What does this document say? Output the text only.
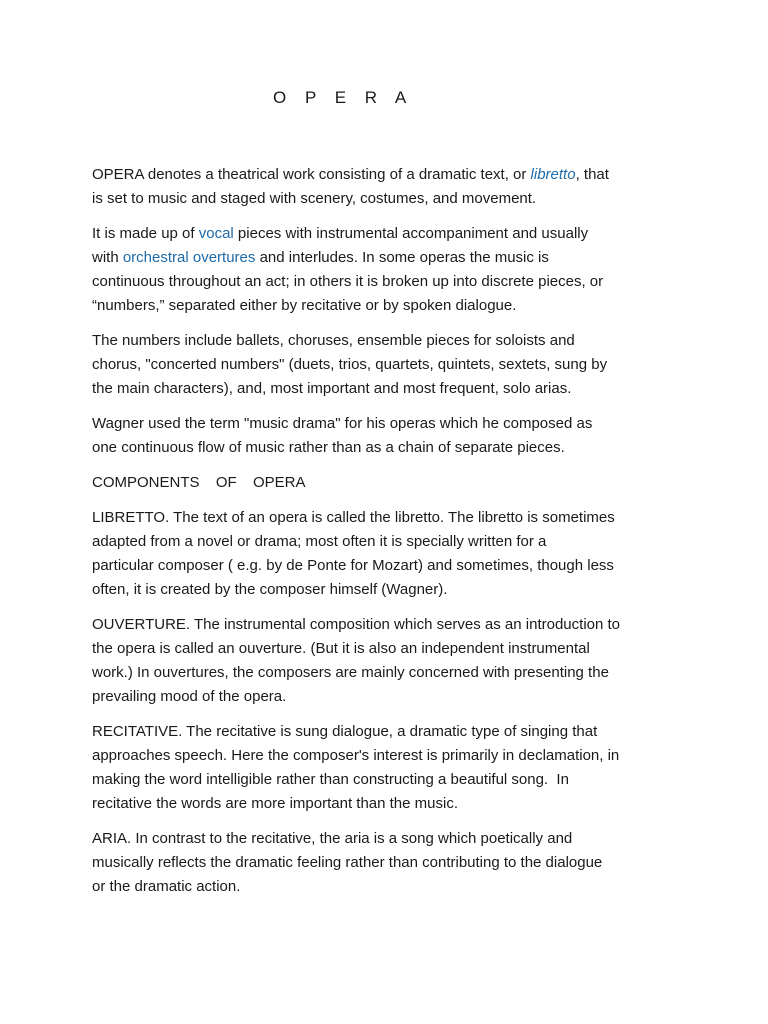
O P E R A
OPERA denotes a theatrical work consisting of a dramatic text, or libretto, that
is set to music and staged with scenery, costumes, and movement.
It is made up of vocal pieces with instrumental accompaniment and usually
with orchestral overtures and interludes. In some operas the music is
continuous throughout an act; in others it is broken up into discrete pieces, or
“numbers,” separated either by recitative or by spoken dialogue.
The numbers include ballets, choruses, ensemble pieces for soloists and
chorus, "concerted numbers" (duets, trios, quartets, quintets, sextets, sung by
the main characters), and, most important and most frequent, solo arias.
Wagner used the term "music drama" for his operas which he composed as
one continuous flow of music rather than as a chain of separate pieces.
COMPONENTS  OF  OPERA
LIBRETTO. The text of an opera is called the libretto. The libretto is sometimes
adapted from a novel or drama; most often it is specially written for a
particular composer ( e.g. by de Ponte for Mozart) and sometimes, though less
often, it is created by the composer himself (Wagner).
OUVERTURE. The instrumental composition which serves as an introduction to
the opera is called an ouverture. (But it is also an independent instrumental
work.) In ouvertures, the composers are mainly concerned with presenting the
prevailing mood of the opera.
RECITATIVE. The recitative is sung dialogue, a dramatic type of singing that
approaches speech. Here the composer's interest is primarily in declamation, in
making the word intelligible rather than constructing a beautiful song.  In
recitative the words are more important than the music.
ARIA. In contrast to the recitative, the aria is a song which poetically and
musically reflects the dramatic feeling rather than contributing to the dialogue
or the dramatic action.
